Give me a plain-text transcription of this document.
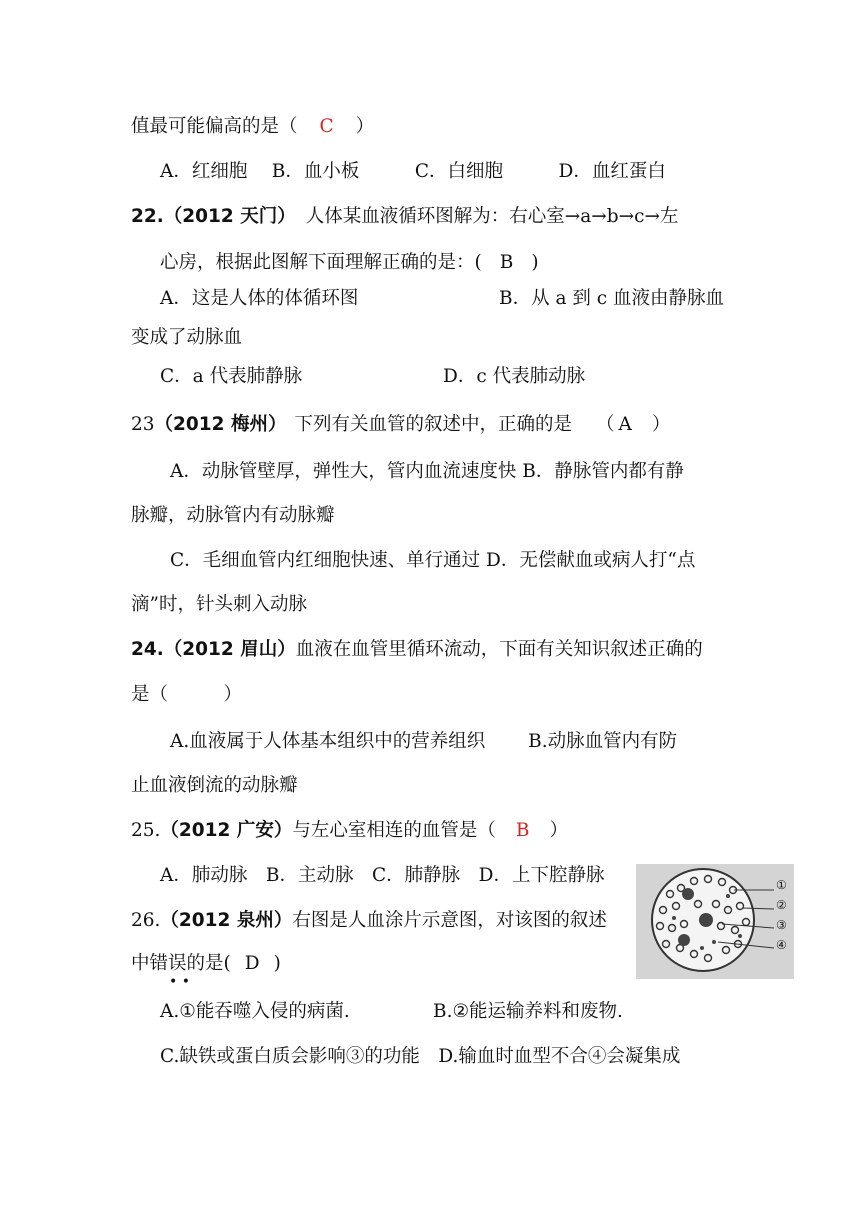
值最可能偏高的是（ C ）
A．红细胞　 B．血小板　　　C．白细胞　　　D．血红蛋白
22.（2012 天门） 人体某血液循环图解为：右心室→a→b→c→左
心房，根据此图解下面理解正确的是：( B )
A．这是人体的体循环图	B．从 a 到 c 血液由静脉血
变成了动脉血
C．a 代表肺静脉	D．c 代表肺动脉
23（2012 梅州） 下列有关血管的叙述中，正确的是 （ A ）
A．动脉管壁厚，弹性大，管内血流速度快 B．静脉管内都有静
脉瓣，动脉管内有动脉瓣
C．毛细血管内红细胞快速、单行通过 D．无偿献血或病人打“点
滴”时，针头刺入动脉
24.（2012 眉山）血液在血管里循环流动，下面有关知识叙述正确的
是（　　　）
A.血液属于人体基本组织中的营养组织　　 B.动脉血管内有防
止血液倒流的动脉瓣
25.（2012 广安）与左心室相连的血管是（ B ）
A．肺动脉　B．主动脉　C．肺静脉　D．上下腔静脉
26.（2012 泉州）右图是人血涂片示意图，对该图的叙述
中错误的是( D )
• •
A.①能吞噬入侵的病菌.	B.②能运输养料和废物.
C.缺铁或蛋白质会影响③的功能　D.输血时血型不合④会凝集成
①
②
③
④
